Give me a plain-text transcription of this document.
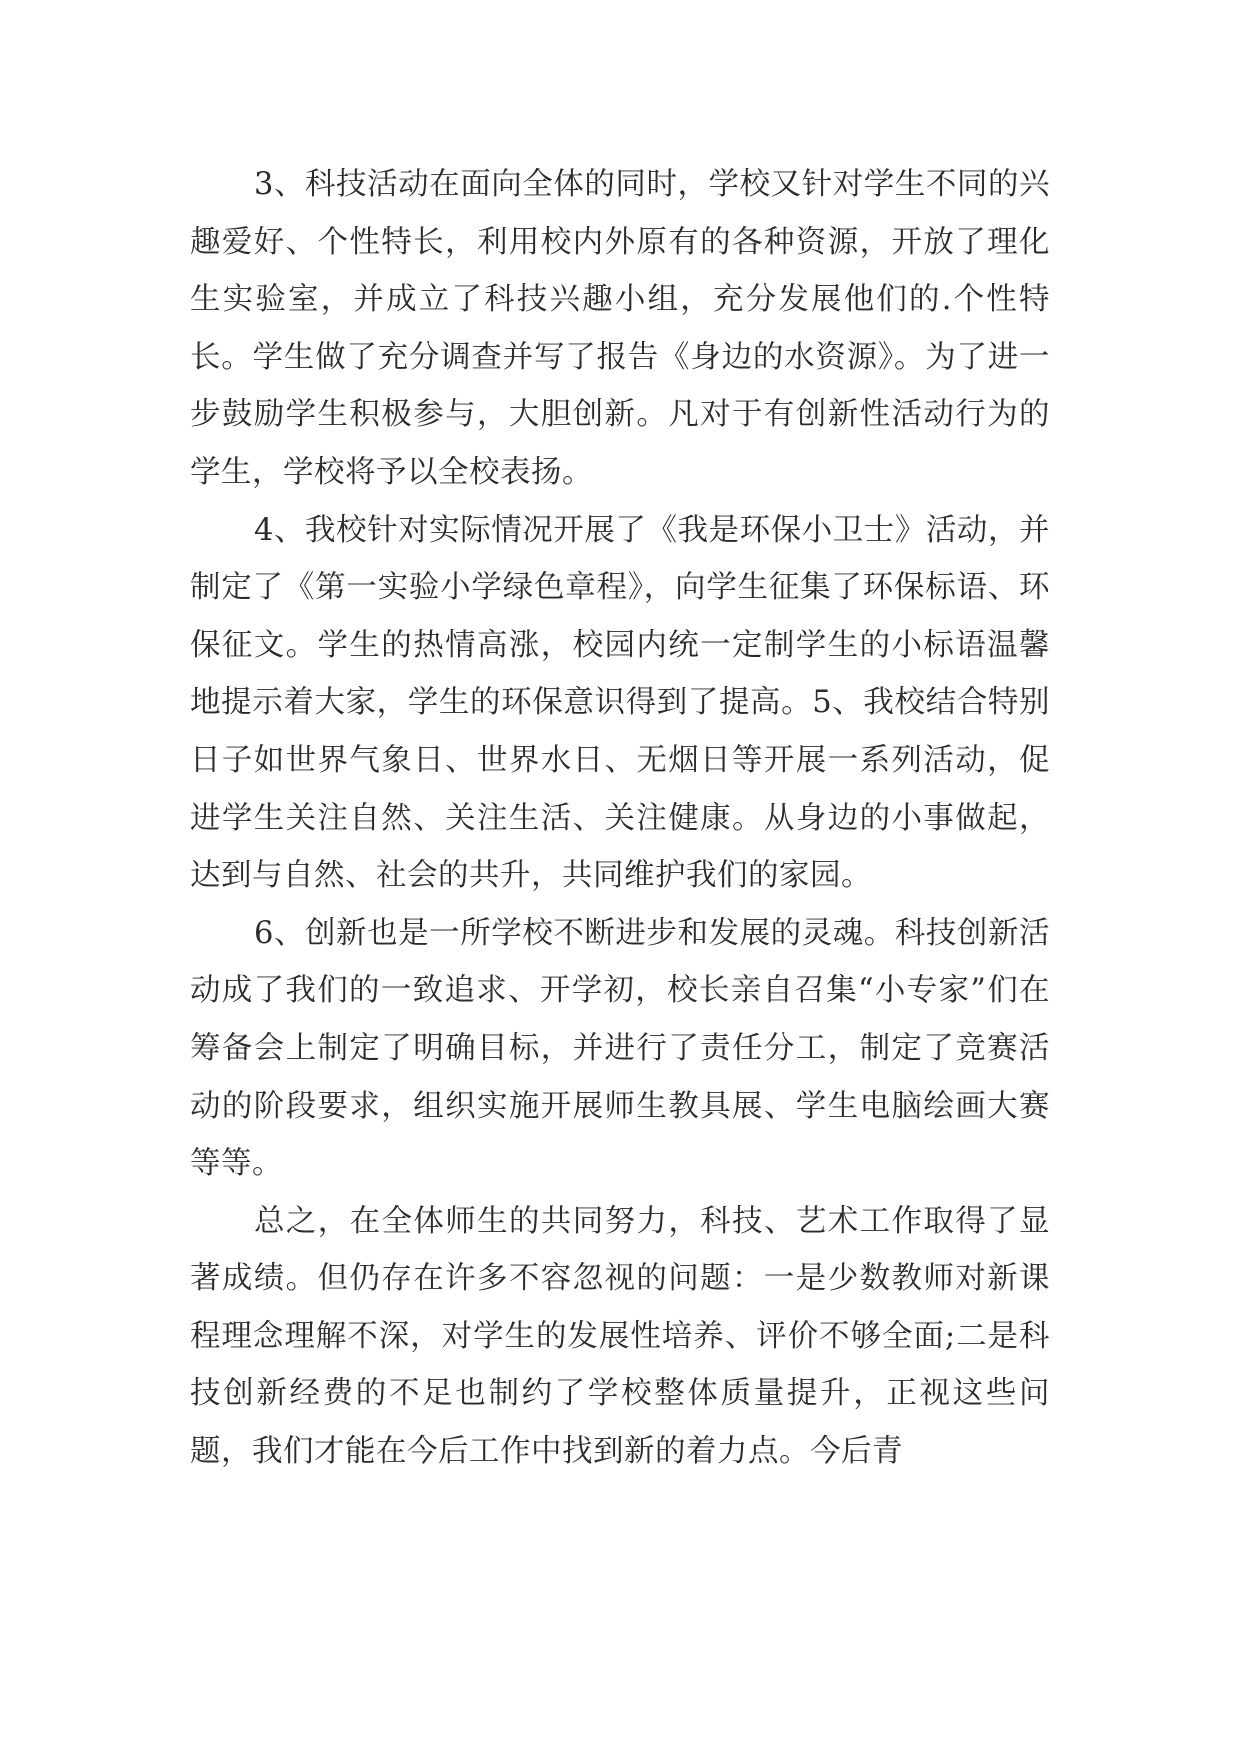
3、科技活动在面向全体的同时，学校又针对学生不同的兴趣爱好、个性特长，利用校内外原有的各种资源，开放了理化生实验室，并成立了科技兴趣小组，充分发展他们的.个性特长。学生做了充分调查并写了报告《身边的水资源》。为了进一步鼓励学生积极参与，大胆创新。凡对于有创新性活动行为的学生，学校将予以全校表扬。

4、我校针对实际情况开展了《我是环保小卫士》活动，并制定了《第一实验小学绿色章程》，向学生征集了环保标语、环保征文。学生的热情高涨，校园内统一定制学生的小标语温馨地提示着大家，学生的环保意识得到了提高。5、我校结合特别日子如世界气象日、世界水日、无烟日等开展一系列活动，促进学生关注自然、关注生活、关注健康。从身边的小事做起，达到与自然、社会的共升，共同维护我们的家园。

6、创新也是一所学校不断进步和发展的灵魂。科技创新活动成了我们的一致追求、开学初，校长亲自召集“小专家”们在筹备会上制定了明确目标，并进行了责任分工，制定了竞赛活动的阶段要求，组织实施开展师生教具展、学生电脑绘画大赛等等。

总之，在全体师生的共同努力，科技、艺术工作取得了显著成绩。但仍存在许多不容忽视的问题：一是少数教师对新课程理念理解不深，对学生的发展性培养、评价不够全面;二是科技创新经费的不足也制约了学校整体质量提升，正视这些问题，我们才能在今后工作中找到新的着力点。今后青
